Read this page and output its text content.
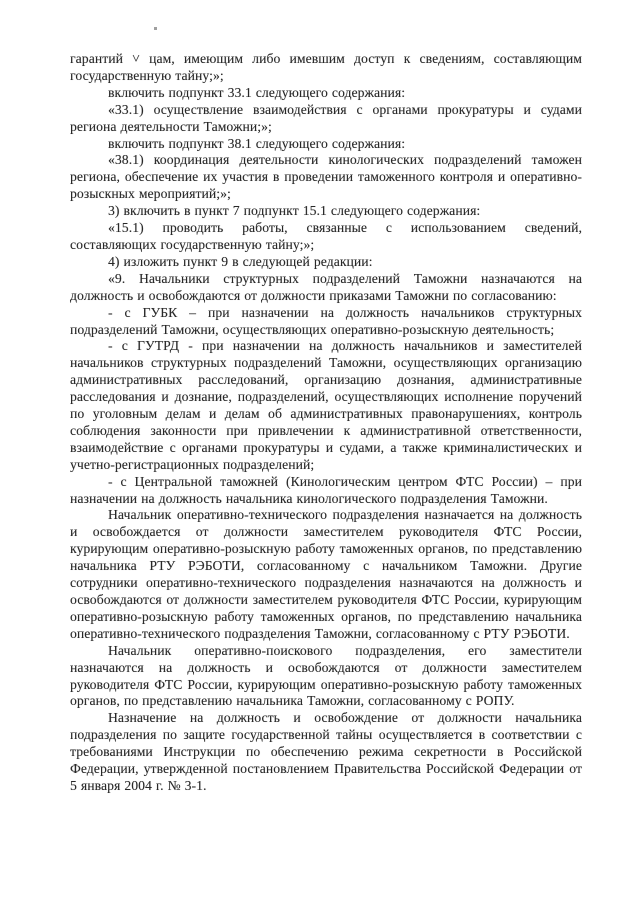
гарантий ˅ цам, имеющим либо имевшим доступ к сведениям, составляющим государственную тайну;»;

включить подпункт 33.1 следующего содержания:

«33.1) осуществление взаимодействия с органами прокуратуры и судами региона деятельности Таможни;»;

включить подпункт 38.1 следующего содержания:

«38.1) координация деятельности кинологических подразделений таможен региона, обеспечение их участия в проведении таможенного контроля и оперативно-розыскных мероприятий;»;

3) включить в пункт 7 подпункт 15.1 следующего содержания:

«15.1) проводить работы, связанные с использованием сведений, составляющих государственную тайну;»;

4) изложить пункт 9 в следующей редакции:

«9. Начальники структурных подразделений Таможни назначаются на должность и освобождаются от должности приказами Таможни по согласованию:

- с ГУБК – при назначении на должность начальников структурных подразделений Таможни, осуществляющих оперативно-розыскную деятельность;

- с ГУТРД - при назначении на должность начальников и заместителей начальников структурных подразделений Таможни, осуществляющих организацию административных расследований, организацию дознания, административные расследования и дознание, подразделений, осуществляющих исполнение поручений по уголовным делам и делам об административных правонарушениях, контроль соблюдения законности при привлечении к административной ответственности, взаимодействие с органами прокуратуры и судами, а также криминалистических и учетно-регистрационных подразделений;

- с Центральной таможней (Кинологическим центром ФТС России) – при назначении на должность начальника кинологического подразделения Таможни.

Начальник оперативно-технического подразделения назначается на должность и освобождается от должности заместителем руководителя ФТС России, курирующим оперативно-розыскную работу таможенных органов, по представлению начальника РТУ РЭБОТИ, согласованному с начальником Таможни. Другие сотрудники оперативно-технического подразделения назначаются на должность и освобождаются от должности заместителем руководителя ФТС России, курирующим оперативно-розыскную работу таможенных органов, по представлению начальника оперативно-технического подразделения Таможни, согласованному с РТУ РЭБОТИ.

Начальник оперативно-поискового подразделения, его заместители назначаются на должность и освобождаются от должности заместителем руководителя ФТС России, курирующим оперативно-розыскную работу таможенных органов, по представлению начальника Таможни, согласованному с РОПУ.

Назначение на должность и освобождение от должности начальника подразделения по защите государственной тайны осуществляется в соответствии с требованиями Инструкции по обеспечению режима секретности в Российской Федерации, утвержденной постановлением Правительства Российской Федерации от 5 января 2004 г. № 3-1.
